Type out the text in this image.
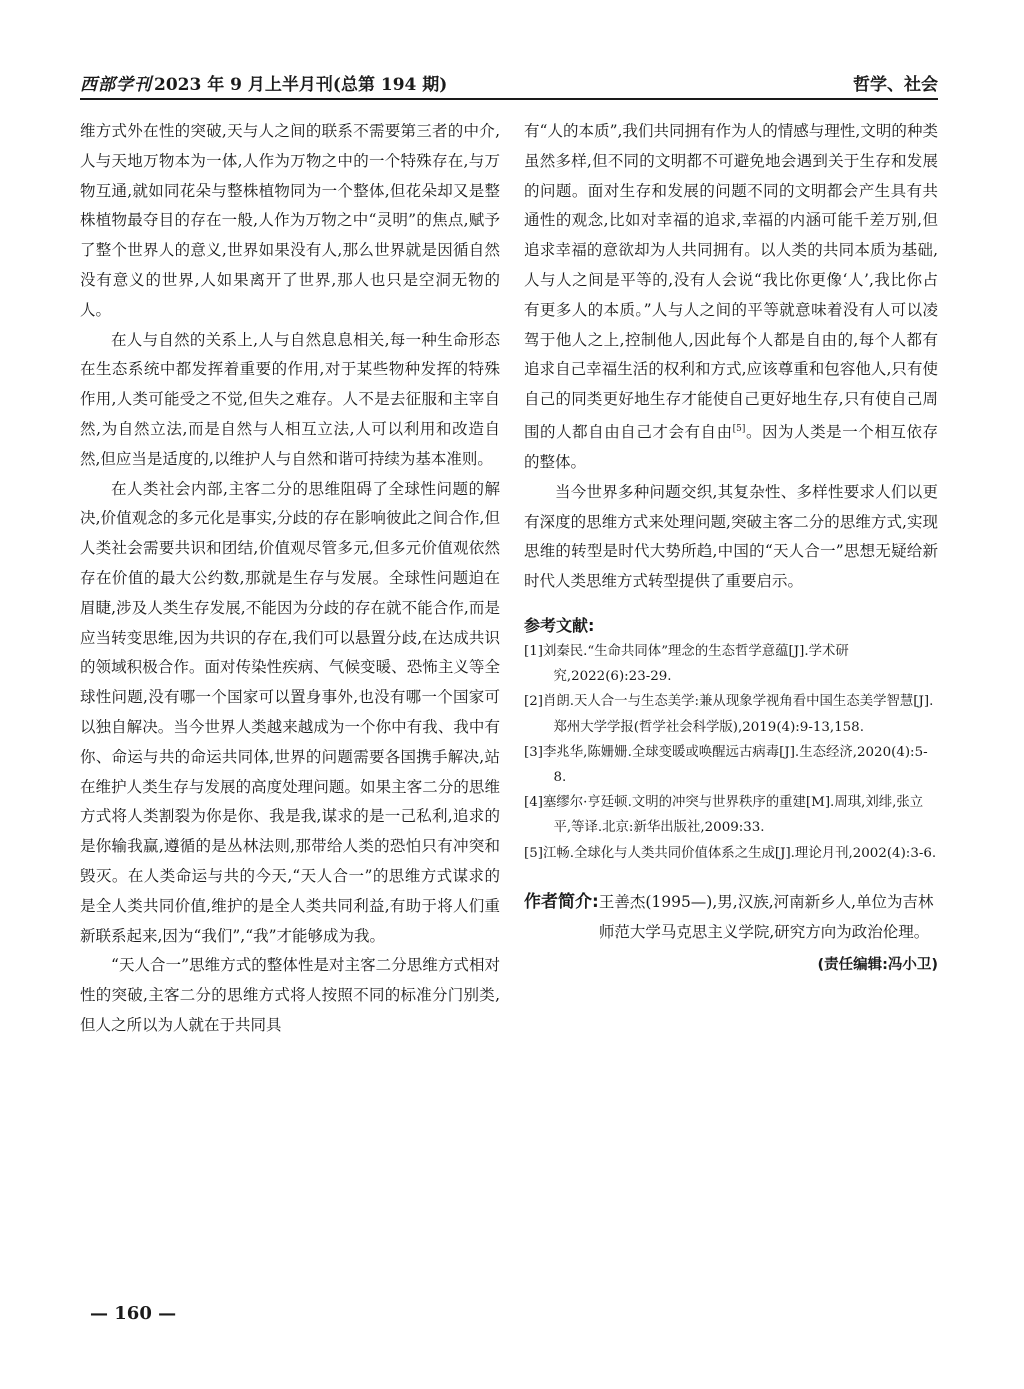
西部学刊 2023 年 9 月上半月刊(总第 194 期)	哲学、社会

维方式外在性的突破,天与人之间的联系不需要第三者的中介,人与天地万物本为一体,人作为万物之中的一个特殊存在,与万物互通,就如同花朵与整株植物同为一个整体,但花朵却又是整株植物最夺目的存在一般,人作为万物之中“灵明”的焦点,赋予了整个世界人的意义,世界如果没有人,那么世界就是因循自然没有意义的世界,人如果离开了世界,那人也只是空洞无物的人。

在人与自然的关系上,人与自然息息相关,每一种生命形态在生态系统中都发挥着重要的作用,对于某些物种发挥的特殊作用,人类可能受之不觉,但失之难存。人不是去征服和主宰自然,为自然立法,而是自然与人相互立法,人可以利用和改造自然,但应当是适度的,以维护人与自然和谐可持续为基本准则。

在人类社会内部,主客二分的思维阻碍了全球性问题的解决,价值观念的多元化是事实,分歧的存在影响彼此之间合作,但人类社会需要共识和团结,价值观尽管多元,但多元价值观依然存在价值的最大公约数,那就是生存与发展。全球性问题迫在眉睫,涉及人类生存发展,不能因为分歧的存在就不能合作,而是应当转变思维,因为共识的存在,我们可以悬置分歧,在达成共识的领域积极合作。面对传染性疾病、气候变暖、恐怖主义等全球性问题,没有哪一个国家可以置身事外,也没有哪一个国家可以独自解决。当今世界人类越来越成为一个你中有我、我中有你、命运与共的命运共同体,世界的问题需要各国携手解决,站在维护人类生存与发展的高度处理问题。如果主客二分的思维方式将人类割裂为你是你、我是我,谋求的是一己私利,追求的是你输我赢,遵循的是丛林法则,那带给人类的恐怕只有冲突和毁灭。在人类命运与共的今天,“天人合一”的思维方式谋求的是全人类共同价值,维护的是全人类共同利益,有助于将人们重新联系起来,因为“我们”,“我”才能够成为我。

“天人合一”思维方式的整体性是对主客二分思维方式相对性的突破,主客二分的思维方式将人按照不同的标准分门别类,但人之所以为人就在于共同具

有“人的本质”,我们共同拥有作为人的情感与理性,文明的种类虽然多样,但不同的文明都不可避免地会遇到关于生存和发展的问题。面对生存和发展的问题不同的文明都会产生具有共通性的观念,比如对幸福的追求,幸福的内涵可能千差万别,但追求幸福的意欲却为人共同拥有。以人类的共同本质为基础,人与人之间是平等的,没有人会说“我比你更像‘人’,我比你占有更多人的本质。”人与人之间的平等就意味着没有人可以凌驾于他人之上,控制他人,因此每个人都是自由的,每个人都有追求自己幸福生活的权利和方式,应该尊重和包容他人,只有使自己的同类更好地生存才能使自己更好地生存,只有使自己周围的人都自由自己才会有自由[5]。因为人类是一个相互依存的整体。

当今世界多种问题交织,其复杂性、多样性要求人们以更有深度的思维方式来处理问题,突破主客二分的思维方式,实现思维的转型是时代大势所趋,中国的“天人合一”思想无疑给新时代人类思维方式转型提供了重要启示。

参考文献:
[1]刘秦民.“生命共同体”理念的生态哲学意蕴[J].学术研究,2022(6):23-29.
[2]肖朗.天人合一与生态美学:兼从现象学视角看中国生态美学智慧[J].郑州大学学报(哲学社会科学版),2019(4):9-13,158.
[3]李兆华,陈姗姗.全球变暖或唤醒远古病毒[J].生态经济,2020(4):5-8.
[4]塞缪尔·亨廷顿.文明的冲突与世界秩序的重建[M].周琪,刘绯,张立平,等译.北京:新华出版社,2009:33.
[5]江畅.全球化与人类共同价值体系之生成[J].理论月刊,2002(4):3-6.
作者简介: 王善杰(1995—),男,汉族,河南新乡人,单位为吉林师范大学马克思主义学院,研究方向为政治伦理。
(责任编辑:冯小卫)
— 160 —
